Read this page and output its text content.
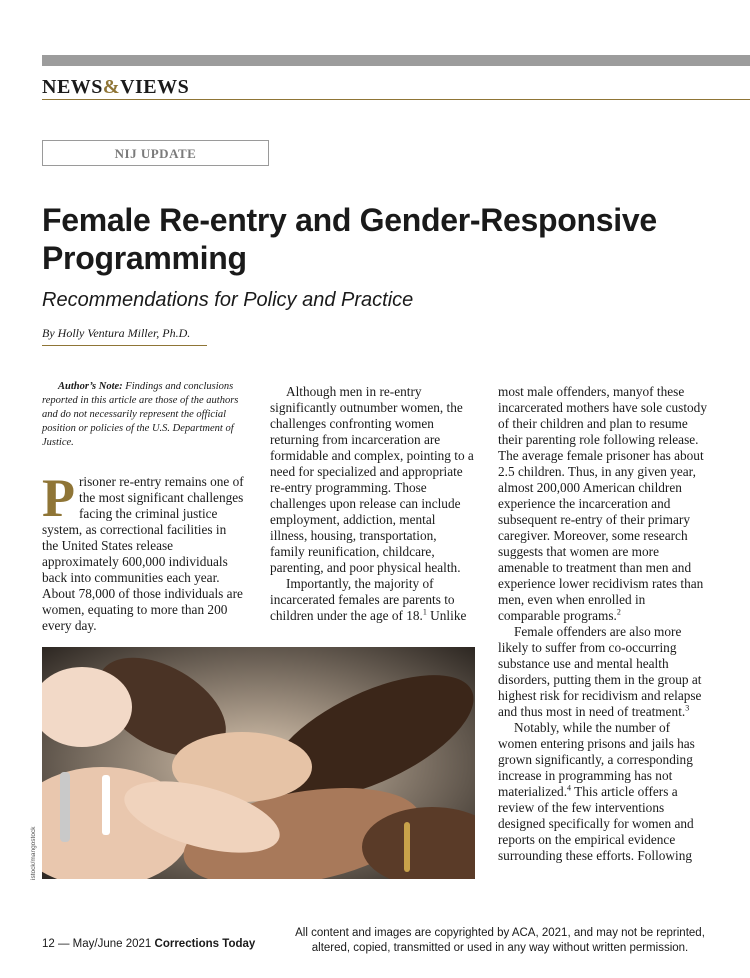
NEWS&VIEWS
NIJ UPDATE
Female Re-entry and Gender-Responsive Programming
Recommendations for Policy and Practice
By Holly Ventura Miller, Ph.D.

Author’s Note: Findings and conclusions reported in this article are those of the authors and do not necessarily represent the official position or policies of the U.S. Department of Justice.

Prisoner re-entry remains one of the most significant challenges facing the criminal justice system, as correctional facilities in the United States release approximately 600,000 individuals back into communities each year. About 78,000 of those individuals are women, equating to more than 200 every day.

Although men in re-entry significantly outnumber women, the challenges confronting women returning from incarceration are formidable and complex, pointing to a need for specialized and appropriate re-entry programming. Those challenges upon release can include employment, addiction, mental illness, housing, transportation, family reunification, childcare, parenting, and poor physical health.

Importantly, the majority of incarcerated females are parents to children under the age of 18.$^1$ Unlike

most male offenders, manyof these incarcerated mothers have sole custody of their children and plan to resume their parenting role following release. The average female prisoner has about 2.5 children. Thus, in any given year, almost 200,000 American children experience the incarceration and subsequent re-entry of their primary caregiver. Moreover, some research suggests that women are more amenable to treatment than men and experience lower recidivism rates than men, even when enrolled in comparable programs.$^2$

Female offenders are also more likely to suffer from co-occurring substance use and mental health disorders, putting them in the group at highest risk for recidivism and relapse and thus most in need of treatment.$^3$

Notably, while the number of women entering prisons and jails has grown significantly, a corresponding increase in programming has not materialized.$^4$ This article offers a review of the few interventions designed specifically for women and reports on the empirical evidence surrounding these efforts. Following

istock/mangostock
12 — May/June 2021 Corrections Today
All content and images are copyrighted by ACA, 2021, and may not be reprinted, altered, copied, transmitted or used in any way without written permission.
